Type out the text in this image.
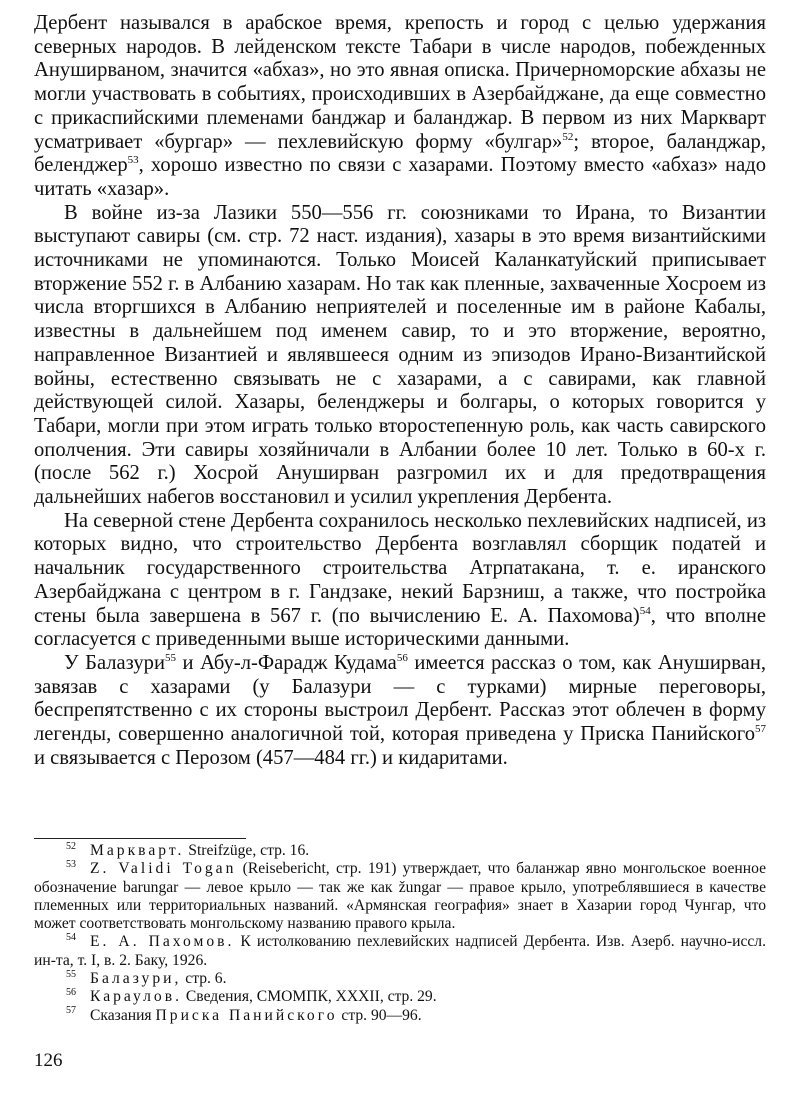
Дербент назывался в арабское время, крепость и город с целью удержания северных народов. В лейденском тексте Табари в числе народов, побежденных Ануширваном, значится «абхаз», но это явная описка. Причерноморские абхазы не могли участвовать в событиях, происходивших в Азербайджане, да еще совместно с прикаспийскими племенами банджар и баланджар. В первом из них Маркварт усматривает «бургар» — пехлевийскую форму «булгар»$^{52}$; второе, баланджар, беленджер$^{53}$, хорошо известно по связи с хазарами. Поэтому вместо «абхаз» надо читать «хазар».

В войне из-за Лазики 550—556 гг. союзниками то Ирана, то Византии выступают савиры (см. стр. 72 наст. издания), хазары в это время византийскими источниками не упоминаются. Только Моисей Каланкатуйский приписывает вторжение 552 г. в Албанию хазарам. Но так как пленные, захваченные Хосроем из числа вторгшихся в Албанию неприятелей и поселенные им в районе Кабалы, известны в дальнейшем под именем савир, то и это вторжение, вероятно, направленное Византией и являвшееся одним из эпизодов Ирано-Византийской войны, естественно связывать не с хазарами, а с савирами, как главной действующей силой. Хазары, беленджеры и болгары, о которых говорится у Табари, могли при этом играть только второстепенную роль, как часть савирского ополчения. Эти савиры хозяйничали в Албании более 10 лет. Только в 60-х г. (после 562 г.) Хосрой Ануширван разгромил их и для предотвращения дальнейших набегов восстановил и усилил укрепления Дербента.

На северной стене Дербента сохранилось несколько пехлевийских надписей, из которых видно, что строительство Дербента возглавлял сборщик податей и начальник государственного строительства Атрпатакана, т. е. иранского Азербайджана с центром в г. Гандзаке, некий Барзниш, а также, что постройка стены была завершена в 567 г. (по вычислению Е. А. Пахомова)$^{54}$, что вполне согласуется с приведенными выше историческими данными.

У Балазури$^{55}$ и Абу-л-Фарадж Кудама$^{56}$ имеется рассказ о том, как Ануширван, завязав с хазарами (у Балазури — с турками) мирные переговоры, беспрепятственно с их стороны выстроил Дербент. Рассказ этот облечен в форму легенды, совершенно аналогичной той, которая приведена у Приска Панийского$^{57}$ и связывается с Перозом (457—484 гг.) и кидаритами.

52 Маркварт. Streifzüge, стр. 16.

53 Z. Validi Togan (Reisebericht, стр. 191) утверждает, что баланжар явно монгольское военное обозначение barungar — левое крыло — так же как žungar — правое крыло, употреблявшиеся в качестве племенных или территориальных названий. «Армянская география» знает в Хазарии город Чунгар, что может соответствовать монгольскому названию правого крыла.

54 Е. А. Пахомов. К истолкованию пехлевийских надписей Дербента. Изв. Азерб. научно-иссл. ин-та, т. I, в. 2. Баку, 1926.

55 Балазури, стр. 6.

56 Караулов. Сведения, СМОМПК, XXXII, стр. 29.

57 Сказания Приска Панийского стр. 90—96.

126
